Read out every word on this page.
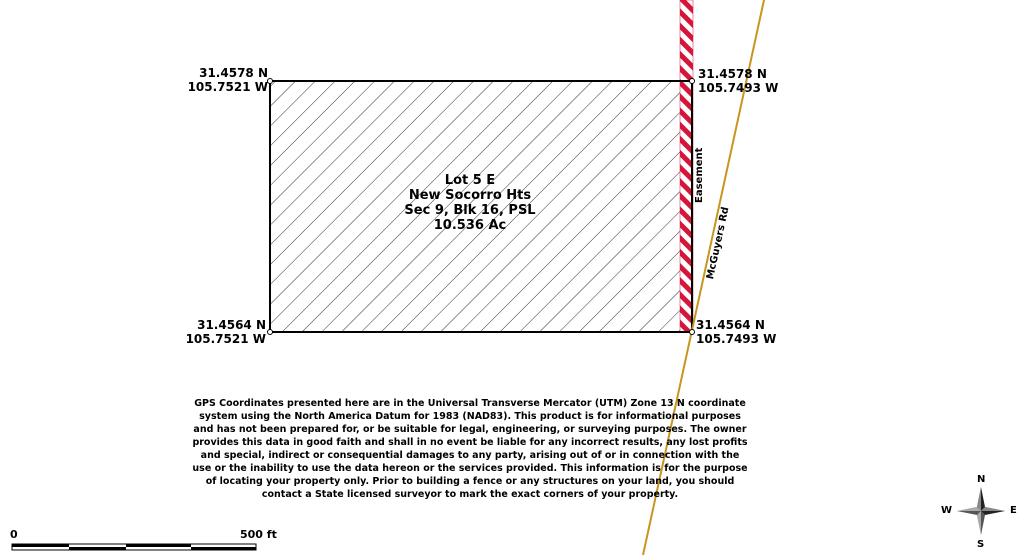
31.4578 N
105.7521 W
31.4578 N
105.7493 W
31.4564 N
105.7521 W
31.4564 N
105.7493 W
Lot 5 E
New Socorro Hts
Sec 9, Blk 16, PSL
10.536 Ac
Easement
McGuyers Rd
GPS Coordinates presented here are in the Universal Transverse Mercator (UTM) Zone 13 N coordinate system using the North America Datum for 1983 (NAD83). This product is for informational purposes and has not been prepared for, or be suitable for legal, engineering, or surveying purposes. The owner provides this data in good faith and shall in no event be liable for any incorrect results, any lost profits and special, indirect or consequential damages to any party, arising out of or in connection with the use or the inability to use the data hereon or the services provided. This information is for the purpose of locating your property only. Prior to building a fence or any structures on your land, you should contact a State licensed surveyor to mark the exact corners of your property.
0	500 ft
N
S
E
W
